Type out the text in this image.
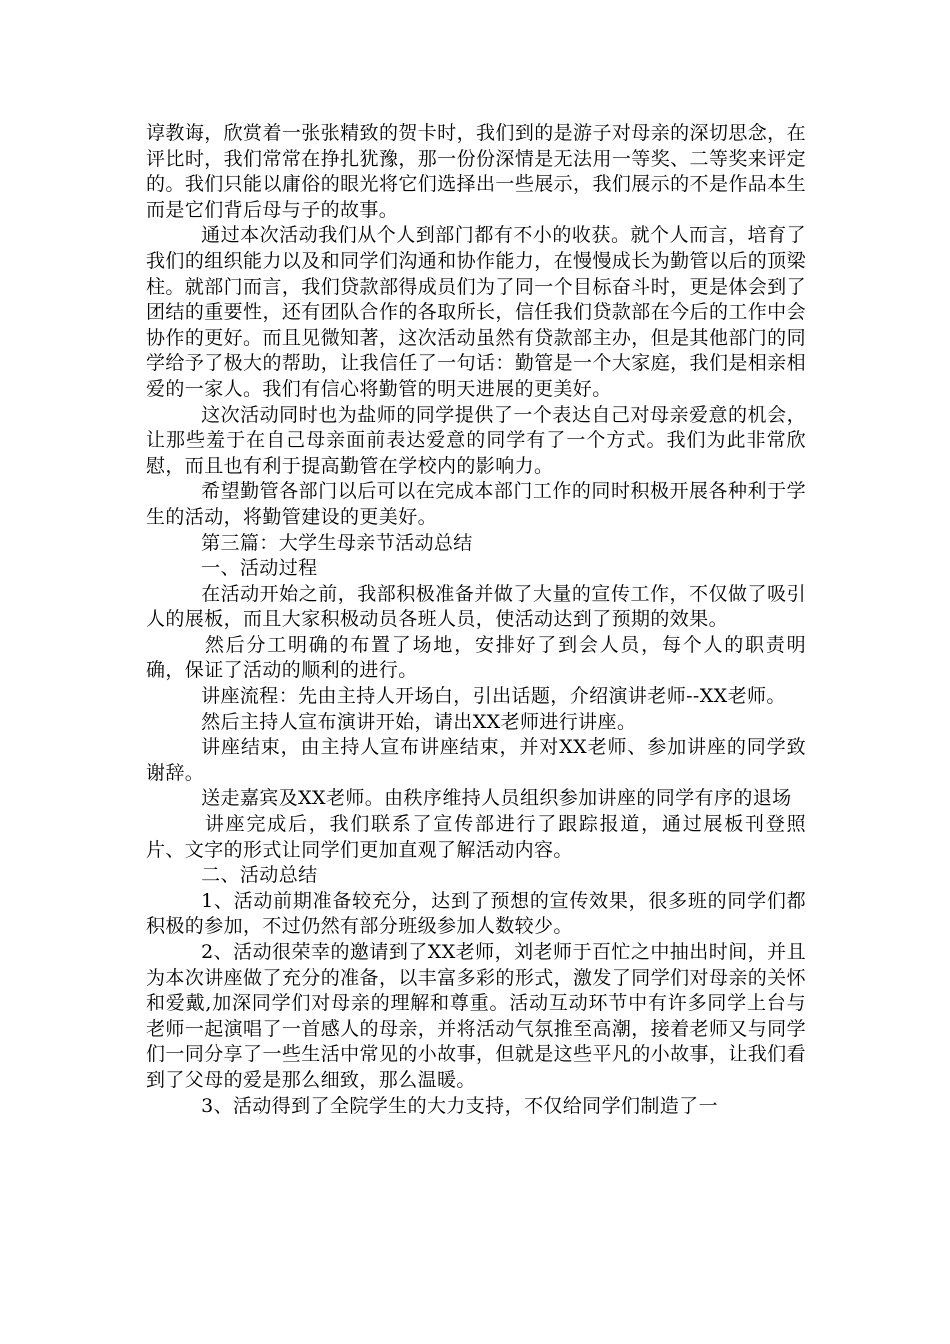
谆教诲，欣赏着一张张精致的贺卡时，我们到的是游子对母亲的深切思念，在评比时，我们常常在挣扎犹豫，那一份份深情是无法用一等奖、二等奖来评定的。我们只能以庸俗的眼光将它们选择出一些展示，我们展示的不是作品本生而是它们背后母与子的故事。

通过本次活动我们从个人到部门都有不小的收获。就个人而言，培育了我们的组织能力以及和同学们沟通和协作能力，在慢慢成长为勤管以后的顶梁柱。就部门而言，我们贷款部得成员们为了同一个目标奋斗时，更是体会到了团结的重要性，还有团队合作的各取所长，信任我们贷款部在今后的工作中会协作的更好。而且见微知著，这次活动虽然有贷款部主办，但是其他部门的同学给予了极大的帮助，让我信任了一句话：勤管是一个大家庭，我们是相亲相爱的一家人。我们有信心将勤管的明天进展的更美好。

这次活动同时也为盐师的同学提供了一个表达自己对母亲爱意的机会，让那些羞于在自己母亲面前表达爱意的同学有了一个方式。我们为此非常欣慰，而且也有利于提高勤管在学校内的影响力。

希望勤管各部门以后可以在完成本部门工作的同时积极开展各种利于学生的活动，将勤管建设的更美好。

第三篇：大学生母亲节活动总结

一、活动过程

在活动开始之前，我部积极准备并做了大量的宣传工作，不仅做了吸引人的展板，而且大家积极动员各班人员，使活动达到了预期的效果。

然后分工明确的布置了场地，安排好了到会人员，每个人的职责明确，保证了活动的顺利的进行。

讲座流程：先由主持人开场白，引出话题，介绍演讲老师--XX老师。

然后主持人宣布演讲开始，请出XX老师进行讲座。

讲座结束，由主持人宣布讲座结束，并对XX老师、参加讲座的同学致谢辞。

送走嘉宾及XX老师。由秩序维持人员组织参加讲座的同学有序的退场

讲座完成后，我们联系了宣传部进行了跟踪报道，通过展板刊登照片、文字的形式让同学们更加直观了解活动内容。

二、活动总结

1、活动前期准备较充分，达到了预想的宣传效果，很多班的同学们都积极的参加，不过仍然有部分班级参加人数较少。

2、活动很荣幸的邀请到了XX老师，刘老师于百忙之中抽出时间，并且为本次讲座做了充分的准备，以丰富多彩的形式，激发了同学们对母亲的关怀和爱戴,加深同学们对母亲的理解和尊重。活动互动环节中有许多同学上台与老师一起演唱了一首感人的母亲，并将活动气氛推至高潮，接着老师又与同学们一同分享了一些生活中常见的小故事，但就是这些平凡的小故事，让我们看到了父母的爱是那么细致，那么温暖。

3、活动得到了全院学生的大力支持，不仅给同学们制造了一
